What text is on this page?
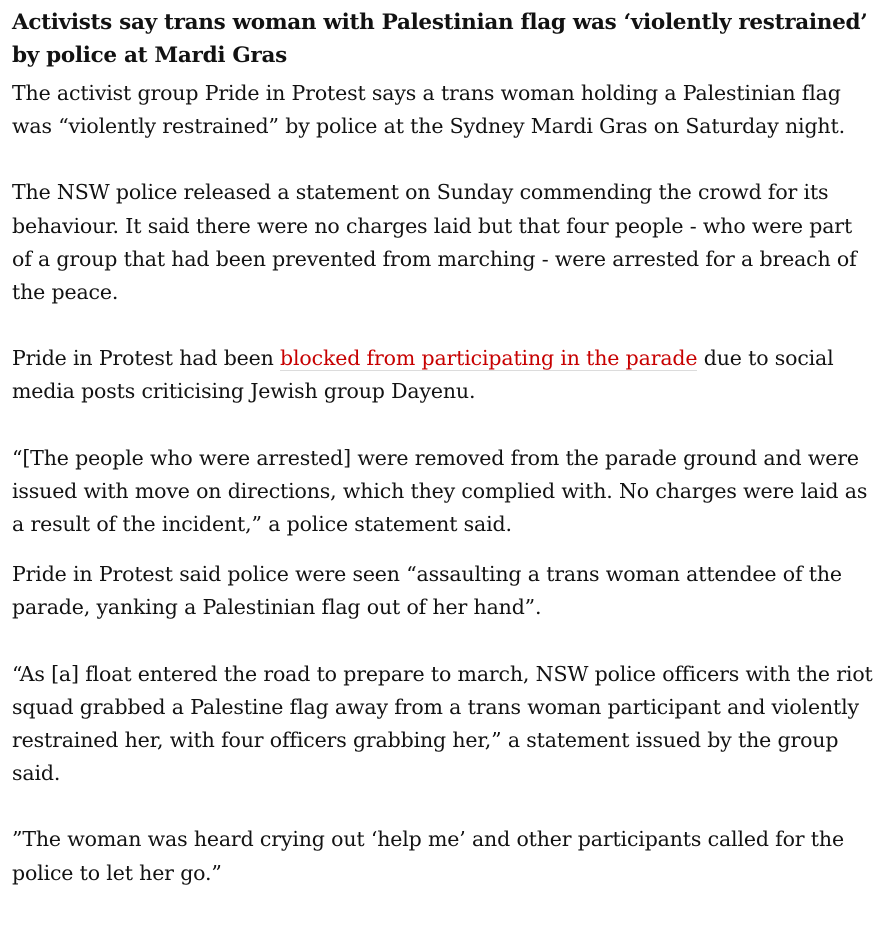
Activists say trans woman with Palestinian flag was ‘violently restrained’ by police at Mardi Gras

The activist group Pride in Protest says a trans woman holding a Palestinian flag was “violently restrained” by police at the Sydney Mardi Gras on Saturday night.

The NSW police released a statement on Sunday commending the crowd for its behaviour. It said there were no charges laid but that four people - who were part of a group that had been prevented from marching - were arrested for a breach of the peace.

Pride in Protest had been blocked from participating in the parade due to social media posts criticising Jewish group Dayenu.

“[The people who were arrested] were removed from the parade ground and were issued with move on directions, which they complied with. No charges were laid as a result of the incident,” a police statement said.

Pride in Protest said police were seen “assaulting a trans woman attendee of the parade, yanking a Palestinian flag out of her hand”.

“As [a] float entered the road to prepare to march, NSW police officers with the riot squad grabbed a Palestine flag away from a trans woman participant and violently restrained her, with four officers grabbing her,” a statement issued by the group said.

”The woman was heard crying out ‘help me’ and other participants called for the police to let her go.”
